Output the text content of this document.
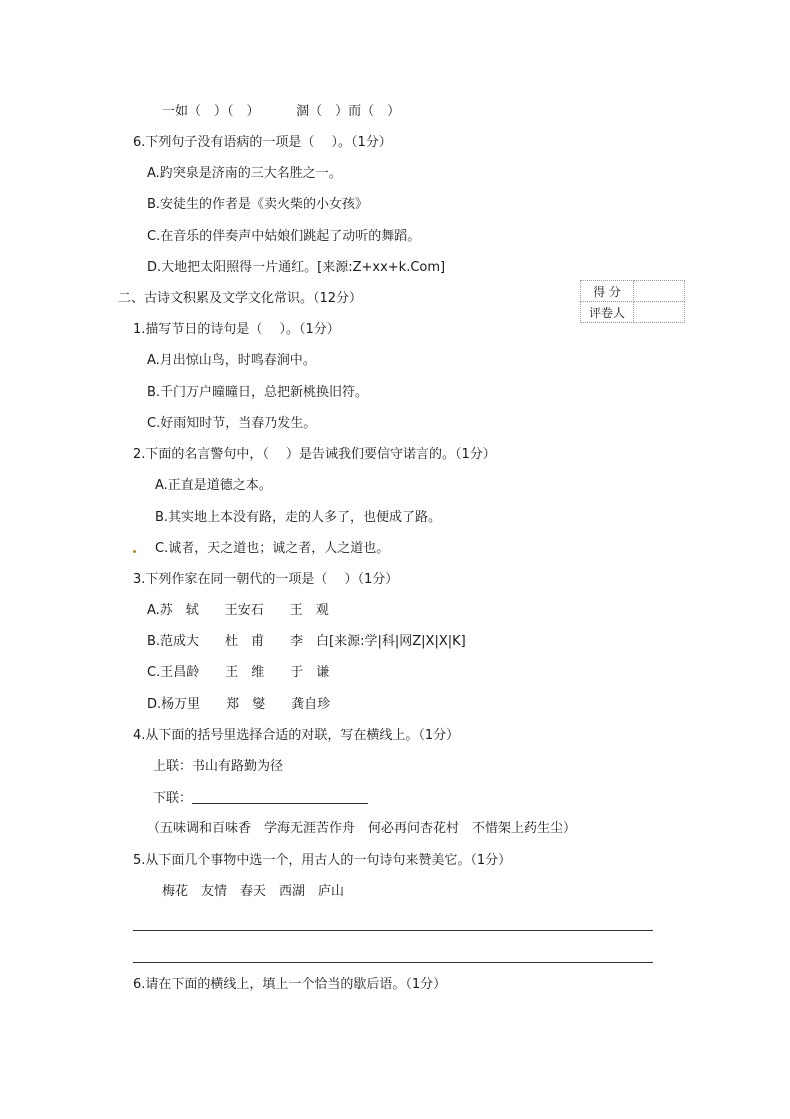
一如（　）（　）　　　 涸（　）而（　）
6.下列句子没有语病的一项是（　 ）。（1分）
A.趵突泉是济南的三大名胜之一。
B.安徒生的作者是《卖火柴的小女孩》
C.在音乐的伴奏声中姑娘们跳起了动听的舞蹈。
D.大地把太阳照得一片通红。[来源:Z+xx+k.Com]
二、古诗文积累及文学文化常识。（12分）	得 分	
评卷人	
1.描写节日的诗句是（　 ）。（1分）
A.月出惊山鸟，时鸣春涧中。
B.千门万户曈曈日，总把新桃换旧符。
C.好雨知时节，当春乃发生。
2.下面的名言警句中，（　 ）是告诫我们要信守诺言的。（1分）
A.正直是道德之本。
B.其实地上本没有路，走的人多了，也便成了路。
C.诚者，天之道也；诚之者，人之道也。
3.下列作家在同一朝代的一项是（　 ）（1分）
A.苏　轼　　王安石　　王　观
B.范成大　　杜　甫　　李　白[来源:学|科|网Z|X|X|K]
C.王昌龄　　王　维　　于　谦
D.杨万里　　郑　燮　　龚自珍
4.从下面的括号里选择合适的对联，写在横线上。（1分）
上联：书山有路勤为径
下联：
（五味调和百味香　学海无涯苦作舟　何必再问杏花村　不惜架上药生尘）
5.从下面几个事物中选一个，用古人的一句诗句来赞美它。（1分）
梅花　友情　春天　西湖　庐山
6.请在下面的横线上，填上一个恰当的歇后语。（1分）
